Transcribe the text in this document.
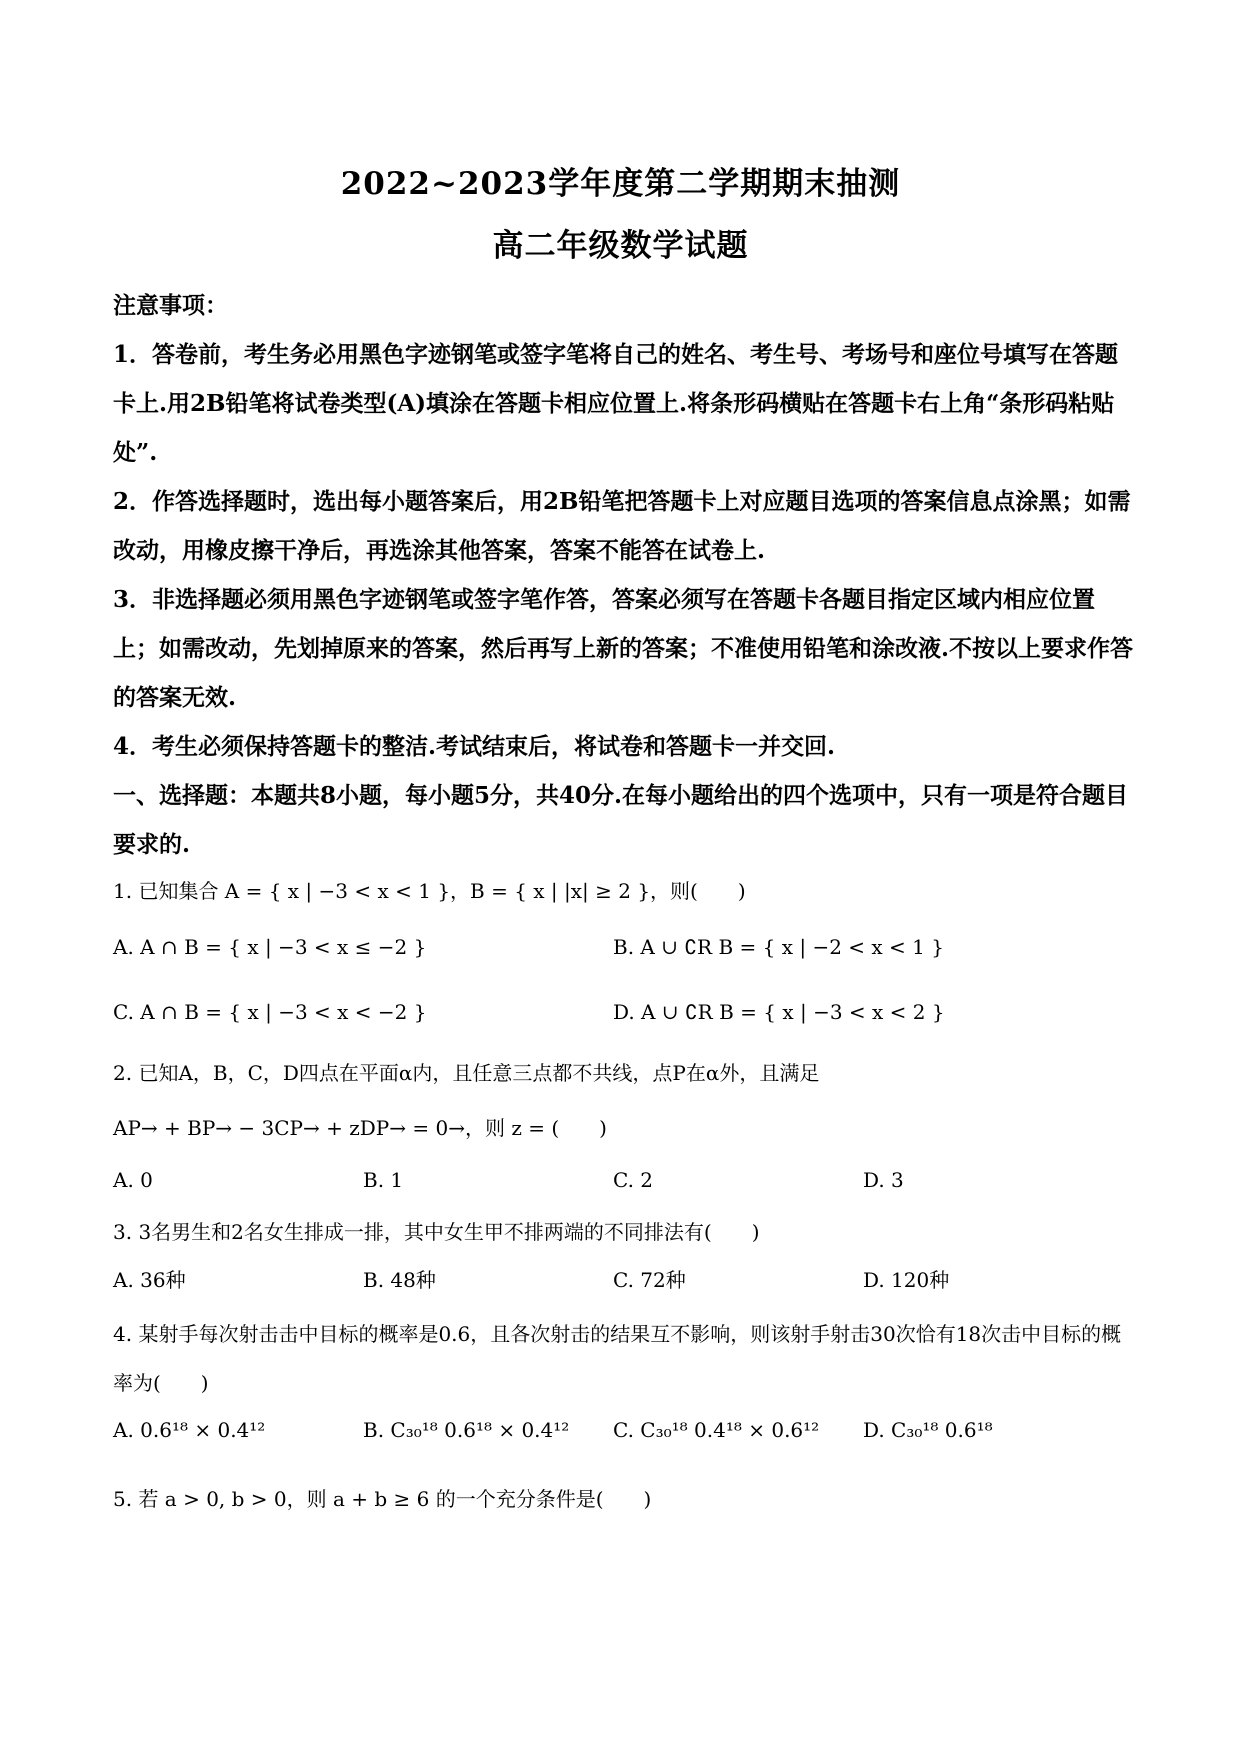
2022~2023学年度第二学期期末抽测
高二年级数学试题

注意事项：

1．答卷前，考生务必用黑色字迹钢笔或签字笔将自己的姓名、考生号、考场号和座位号填写在答题卡上.用2B铅笔将试卷类型(A)填涂在答题卡相应位置上.将条形码横贴在答题卡右上角“条形码粘贴处”.

2．作答选择题时，选出每小题答案后，用2B铅笔把答题卡上对应题目选项的答案信息点涂黑；如需改动，用橡皮擦干净后，再选涂其他答案，答案不能答在试卷上.

3．非选择题必须用黑色字迹钢笔或签字笔作答，答案必须写在答题卡各题目指定区域内相应位置上；如需改动，先划掉原来的答案，然后再写上新的答案；不准使用铅笔和涂改液.不按以上要求作答的答案无效.

4．考生必须保持答题卡的整洁.考试结束后，将试卷和答题卡一并交回.

一、选择题：本题共8小题，每小题5分，共40分.在每小题给出的四个选项中，只有一项是符合题目要求的.

1. 已知集合 A = { x | −3 < x < 1 }，B = { x | |x| ≥ 2 }，则(　　)
A. A ∩ B = { x | −3 < x ≤ −2 }	B. A ∪ ∁R B = { x | −2 < x < 1 }
C. A ∩ B = { x | −3 < x < −2 }	D. A ∪ ∁R B = { x | −3 < x < 2 }
2. 已知A，B，C，D四点在平面α内，且任意三点都不共线，点P在α外，且满足
AP→ + BP→ − 3CP→ + zDP→ = 0→，则 z = (　　)
A. 0	B. 1	C. 2	D. 3
3. 3名男生和2名女生排成一排，其中女生甲不排两端的不同排法有(　　)
A. 36种	B. 48种	C. 72种	D. 120种
4. 某射手每次射击击中目标的概率是0.6，且各次射击的结果互不影响，则该射手射击30次恰有18次击中目标的概率为(　　)
A. 0.6¹⁸ × 0.4¹²	B. C₃₀¹⁸ 0.6¹⁸ × 0.4¹² C. C₃₀¹⁸ 0.4¹⁸ × 0.6¹² D. C₃₀¹⁸ 0.6¹⁸
5. 若 a > 0, b > 0，则 a + b ≥ 6 的一个充分条件是(　　)
